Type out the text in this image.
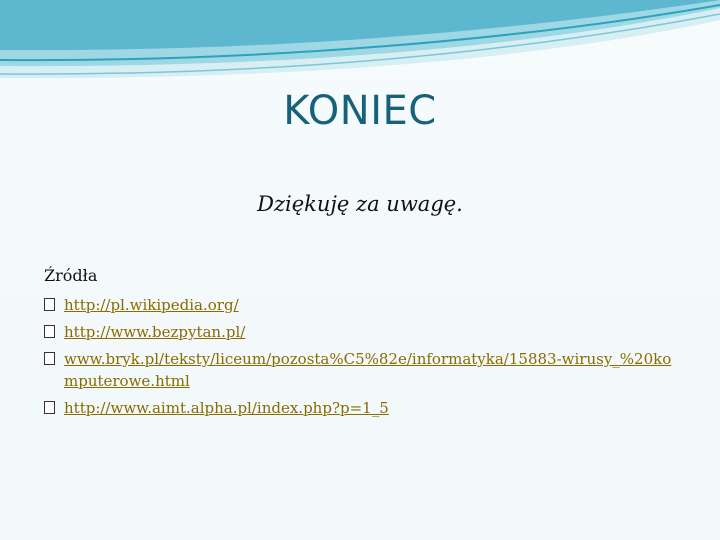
KONIEC
Dziękuję za uwagę.
Źródła
http://pl.wikipedia.org/
http://www.bezpytan.pl/
www.bryk.pl/teksty/liceum/pozosta%C5%82e/informatyka/15883-wirusy_%20komputerowe.html
http://www.aimt.alpha.pl/index.php?p=1_5
